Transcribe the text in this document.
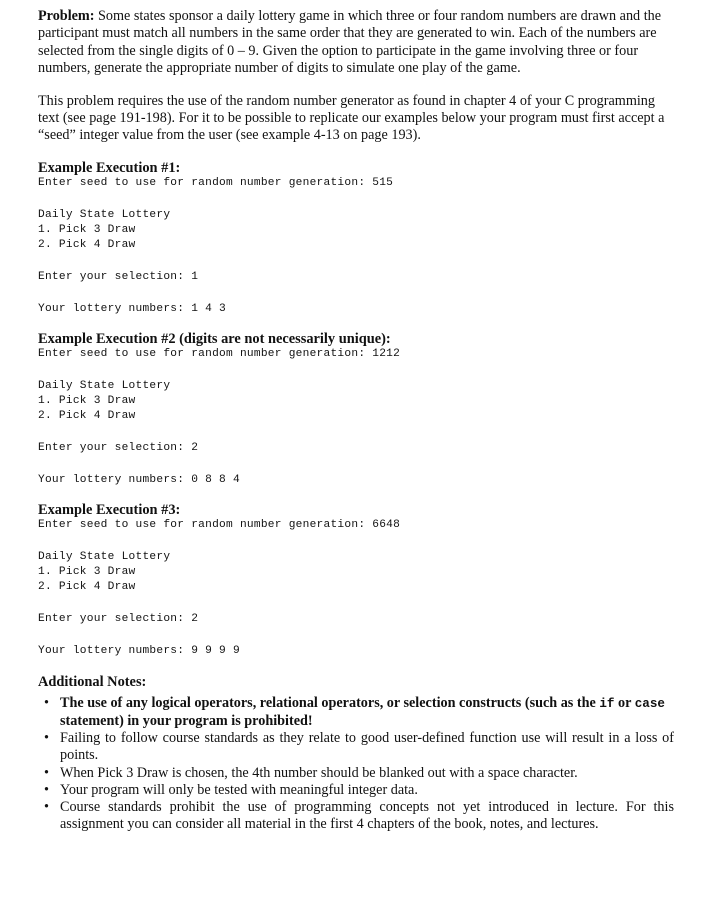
Problem: Some states sponsor a daily lottery game in which three or four random numbers are drawn and the participant must match all numbers in the same order that they are generated to win. Each of the numbers are selected from the single digits of 0 – 9. Given the option to participate in the game involving three or four numbers, generate the appropriate number of digits to simulate one play of the game.

This problem requires the use of the random number generator as found in chapter 4 of your C programming text (see page 191-198). For it to be possible to replicate our examples below your program must first accept a “seed” integer value from the user (see example 4-13 on page 193).

Example Execution #1:
Enter seed to use for random number generation: 515
Daily State Lottery
1. Pick 3 Draw
2. Pick 4 Draw
Enter your selection: 1
Your lottery numbers: 1 4 3
Example Execution #2 (digits are not necessarily unique):
Enter seed to use for random number generation: 1212
Daily State Lottery
1. Pick 3 Draw
2. Pick 4 Draw
Enter your selection: 2
Your lottery numbers: 0 8 8 4
Example Execution #3:
Enter seed to use for random number generation: 6648
Daily State Lottery
1. Pick 3 Draw
2. Pick 4 Draw
Enter your selection: 2
Your lottery numbers: 9 9 9 9
Additional Notes:
• The use of any logical operators, relational operators, or selection constructs (such as the if or case statement) in your program is prohibited!
• Failing to follow course standards as they relate to good user-defined function use will result in a loss of points.
• When Pick 3 Draw is chosen, the 4th number should be blanked out with a space character.
• Your program will only be tested with meaningful integer data.
• Course standards prohibit the use of programming concepts not yet introduced in lecture. For this assignment you can consider all material in the first 4 chapters of the book, notes, and lectures.
